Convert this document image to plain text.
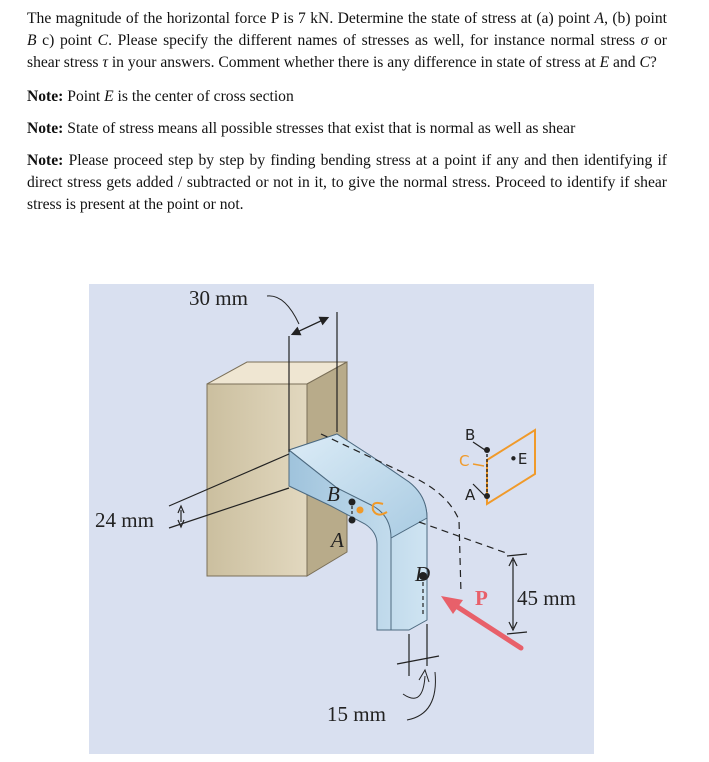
The magnitude of the horizontal force P is 7 kN. Determine the state of stress at (a) point A, (b) point B c) point C. Please specify the different names of stresses as well, for instance normal stress σ or shear stress τ in your answers. Comment whether there is any difference in state of stress at E and C?

Note: Point E is the center of cross section

Note: State of stress means all possible stresses that exist that is normal as well as shear

Note: Please proceed step by step by finding bending stress at a point if any and then identifying if direct stress gets added / subtracted or not in it, to give the normal stress. Proceed to identify if shear stress is present at the point or not.

30 mm
24 mm
45 mm
15 mm
B
A
D
P
B
C
A
•E
